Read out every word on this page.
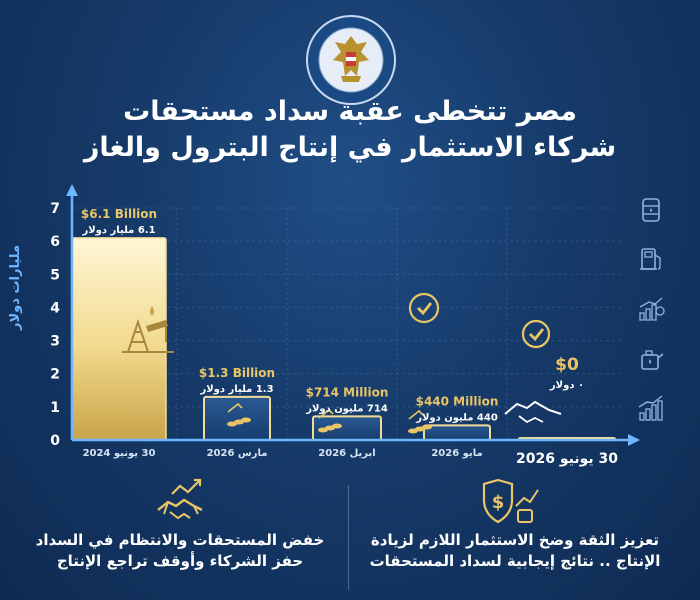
مصر تتخطى عقبة سداد مستحقات
شركاء الاستثمار في إنتاج البترول والغاز
0
1
2
3
4
5
6
7 $6.1 Billion
6.1 مليار دولار
30 يونيو 2024
$1.3 Billion
1.3 مليار دولار
مارس 2026
$714 Million
714 مليون دولار
ابريل 2026
$440 Million
440 مليون دولار
مايو 2026
$0
٠ دولار
30 يونيو 2026
مليارات دولار
$
خفض المستحقات والانتظام في السداد حفز الشركاء وأوقف تراجع الإنتاج
تعزيز الثقة وضخ الاستثمار اللازم لزيادة الإنتاج .. نتائج إيجابية لسداد المستحقات
